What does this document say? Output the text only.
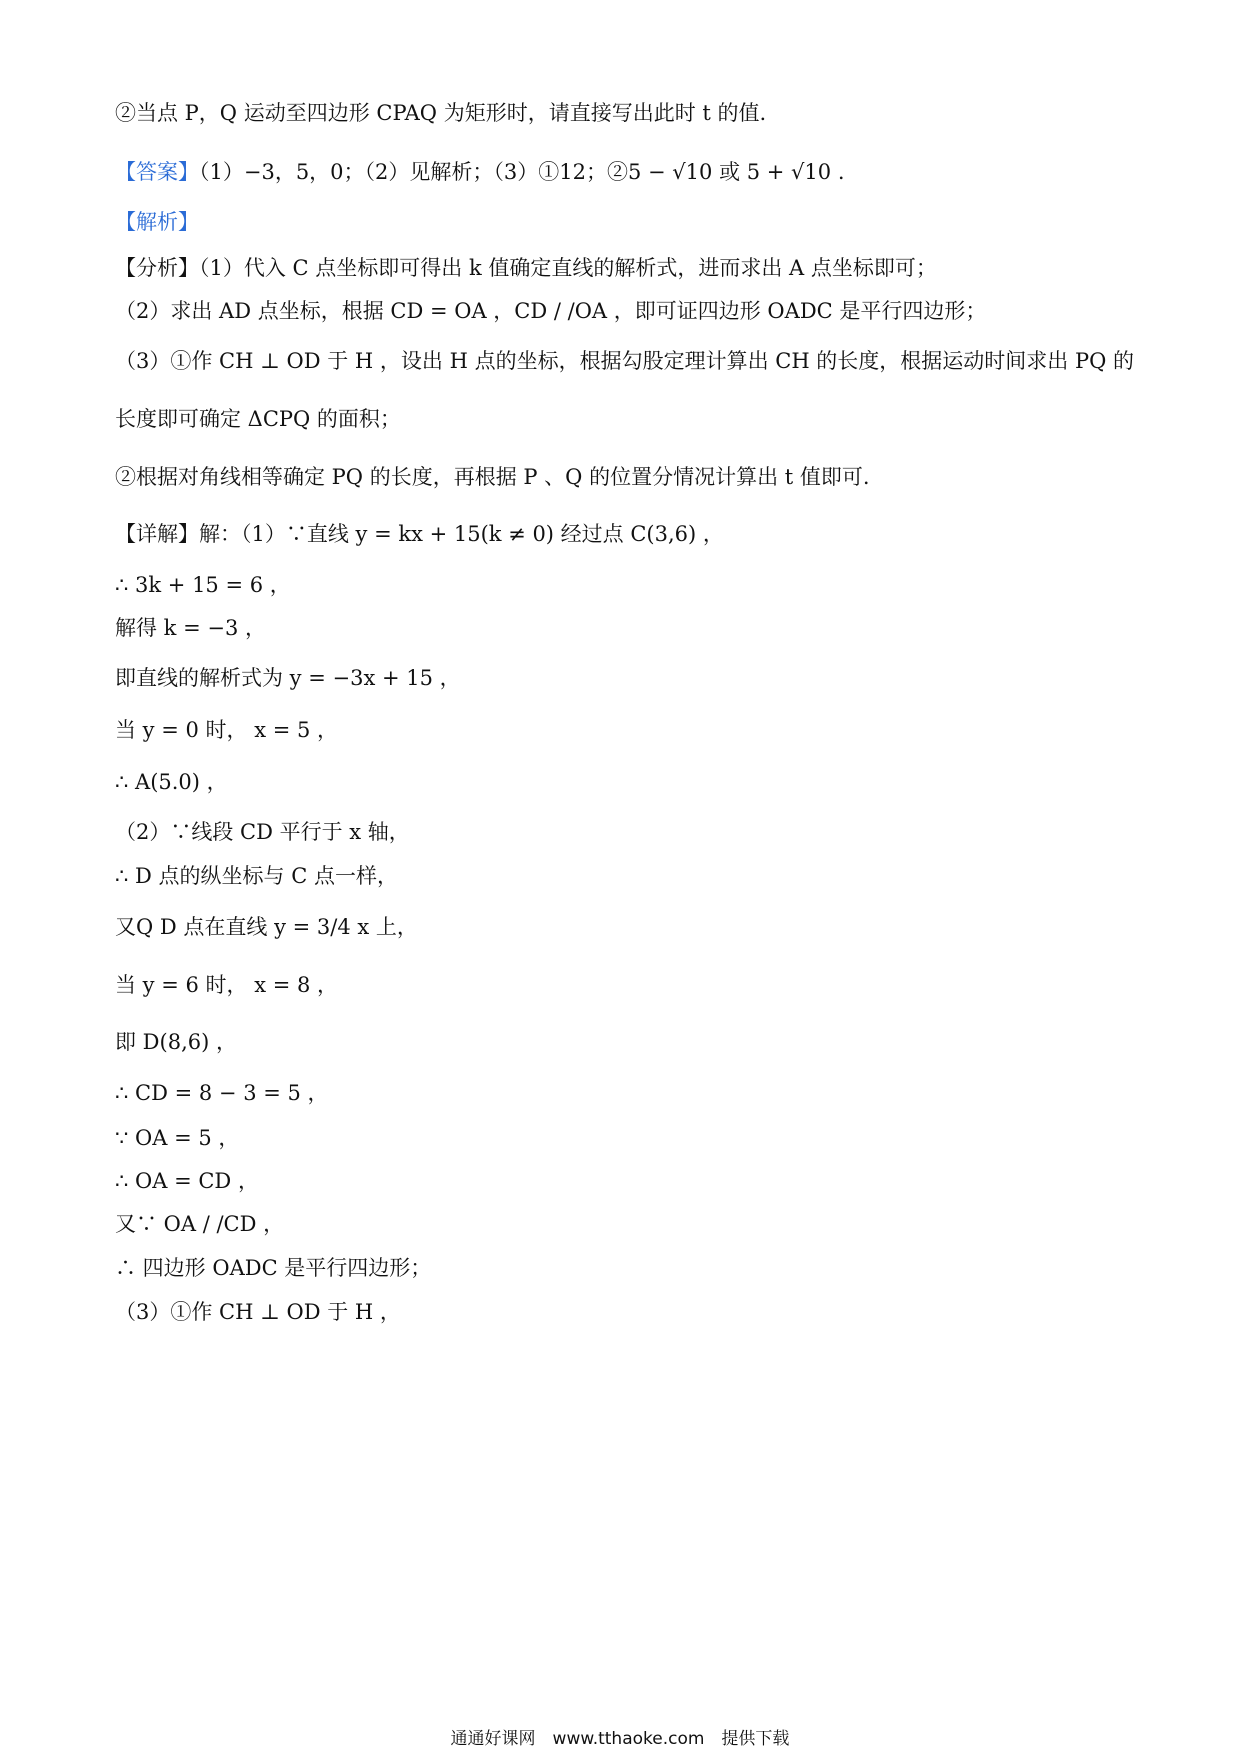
②当点 P，Q 运动至四边形 CPAQ 为矩形时，请直接写出此时 t 的值.
【答案】（1）−3，5，0；（2）见解析；（3）①12；②5 − √10 或 5 + √10 .
【解析】
【分析】（1）代入 C 点坐标即可得出 k 值确定直线的解析式，进而求出 A 点坐标即可；
（2）求出 AD 点坐标，根据 CD = OA ，CD / /OA ，即可证四边形 OADC 是平行四边形；
（3）①作 CH ⊥ OD 于 H ，设出 H 点的坐标，根据勾股定理计算出 CH 的长度，根据运动时间求出 PQ 的
长度即可确定 ΔCPQ 的面积；
②根据对角线相等确定 PQ 的长度，再根据 P 、Q 的位置分情况计算出 t 值即可.
【详解】解：（1）∵直线 y = kx + 15(k ≠ 0) 经过点 C(3,6) ，
∴ 3k + 15 = 6 ，
解得 k = −3 ，
即直线的解析式为 y = −3x + 15 ，
当 y = 0 时， x = 5 ，
∴ A(5.0) ，
（2）∵线段 CD 平行于 x 轴，
∴ D 点的纵坐标与 C 点一样，
又Q D 点在直线 y = 3/4 x 上，
当 y = 6 时， x = 8 ，
即 D(8,6) ，
∴ CD = 8 − 3 = 5 ，
∵ OA = 5 ，
∴ OA = CD ，
又∵ OA / /CD ，
∴ 四边形 OADC 是平行四边形；
（3）①作 CH ⊥ OD 于 H ，
通通好课网　www.tthaoke.com　提供下载
